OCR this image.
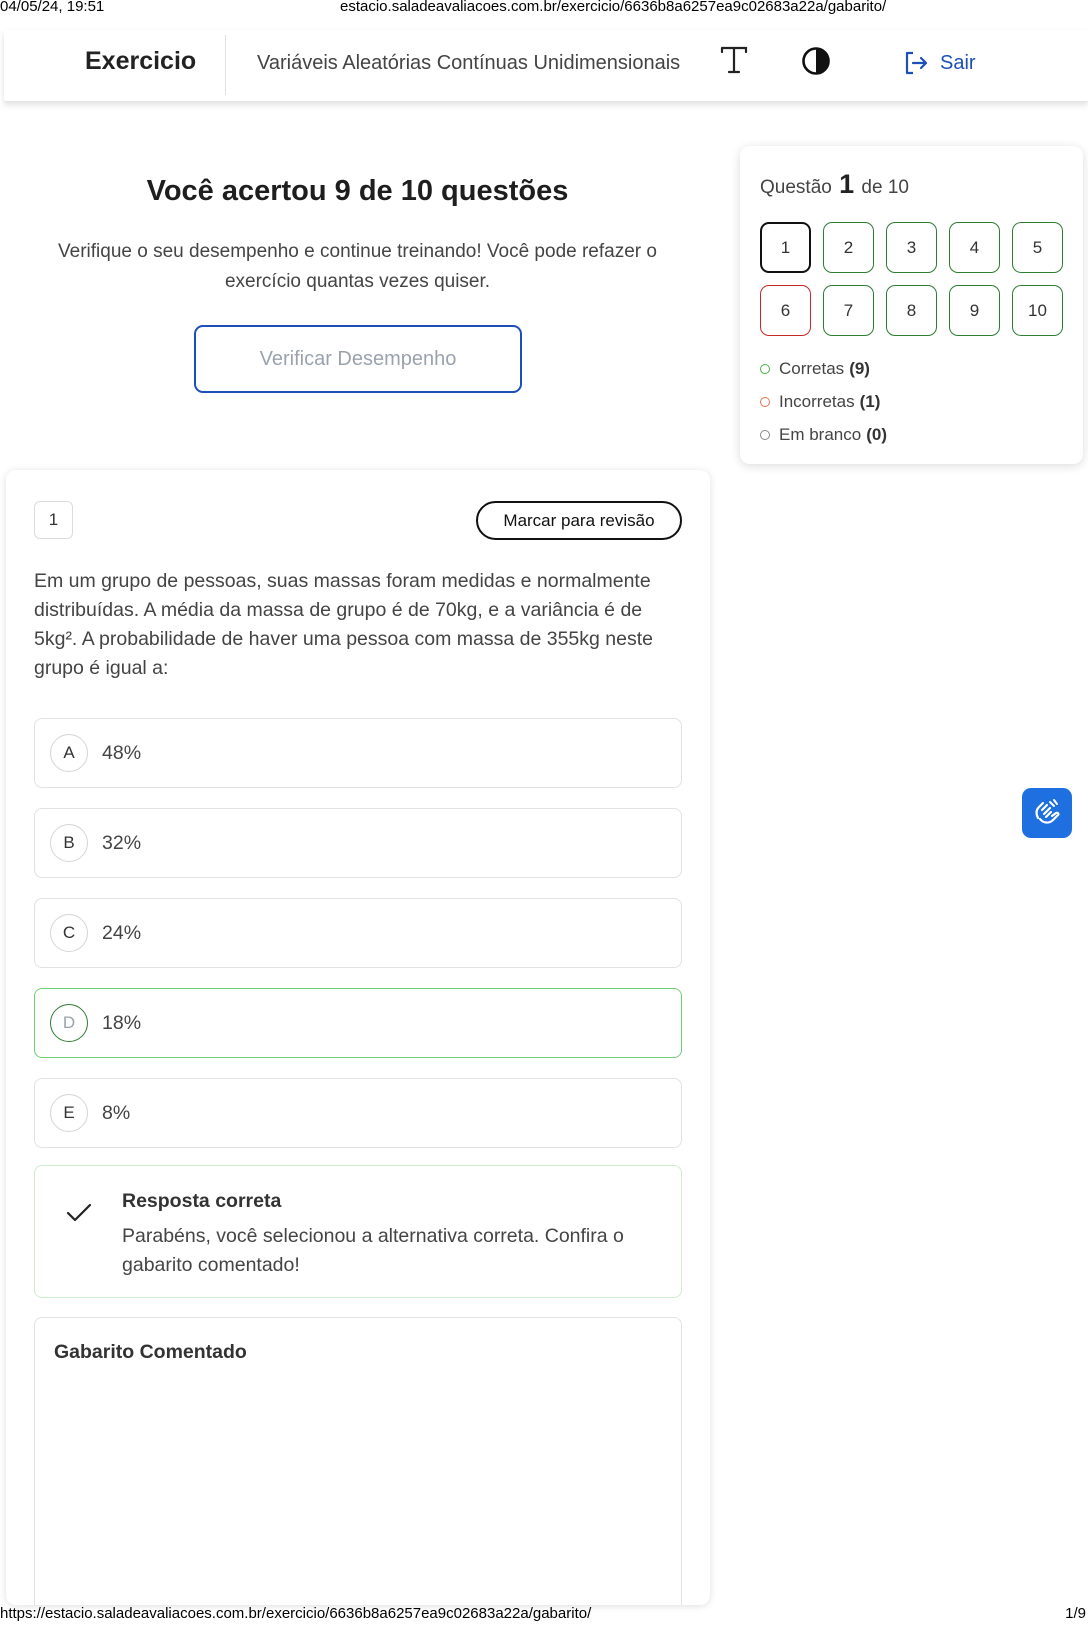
04/05/24, 19:51	estacio.saladeavaliacoes.com.br/exercicio/6636b8a6257ea9c02683a22a/gabarito/
Exercicio	Variáveis Aleatórias Contínuas Unidimensionais	Sair
Você acertou 9 de 10 questões
Verifique o seu desempenho e continue treinando! Você pode refazer o exercício quantas vezes quiser.
Verificar Desempenho
Questão 1 de 10
1	2	3	4	5
6	7	8	9	10
Corretas (9)
Incorretas (1)
Em branco (0)
1	Marcar para revisão
Em um grupo de pessoas, suas massas foram medidas e normalmente distribuídas. A média da massa de grupo é de 70kg, e a variância é de 5kg². A probabilidade de haver uma pessoa com massa de 355kg neste grupo é igual a:
A	48%
B	32%
C	24%
D	18%
E	8%
Resposta correta
Parabéns, você selecionou a alternativa correta. Confira o gabarito comentado!
Gabarito Comentado
https://estacio.saladeavaliacoes.com.br/exercicio/6636b8a6257ea9c02683a22a/gabarito/	1/9
